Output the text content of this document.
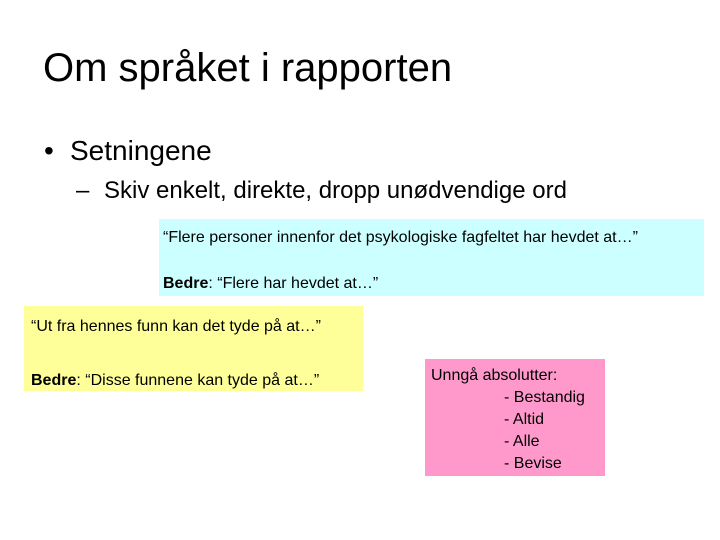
Om språket i rapporten
• Setningene
– Skiv enkelt, direkte, dropp unødvendige ord
“Flere personer innenfor det psykologiske fagfeltet har hevdet at…”
Bedre: “Flere har hevdet at…”
“Ut fra hennes funn kan det tyde på at…”
Bedre: “Disse funnene kan tyde på at…”	Unngå absolutter:
- Bestandig
- Altid
- Alle
- Bevise
